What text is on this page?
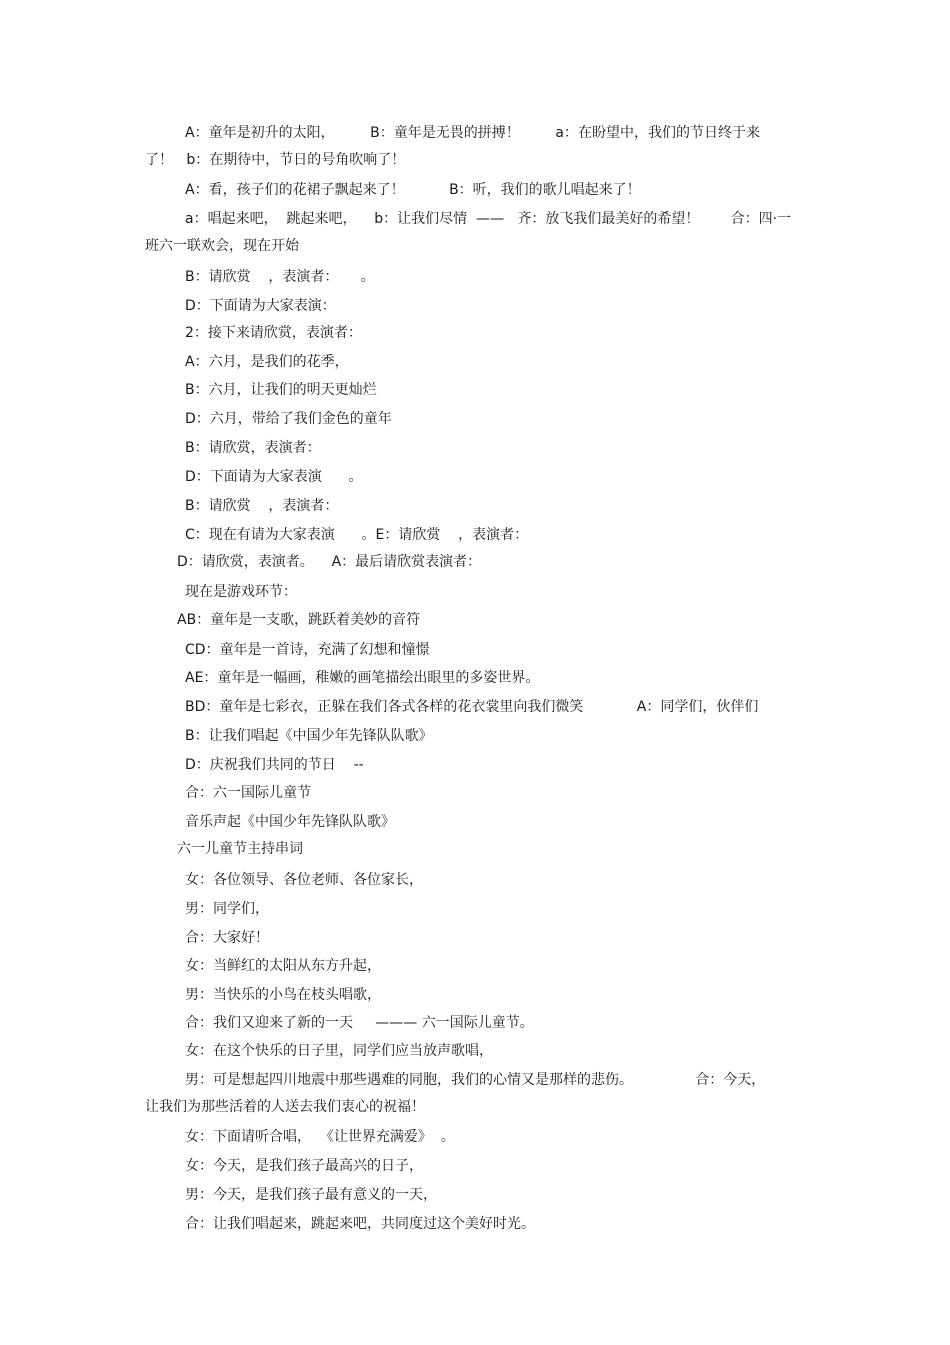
A：童年是初升的太阳，        B：童年是无畏的拼搏！        a：在盼望中，我们的节日终于来
了！   b：在期待中，节日的号角吹响了！
A：看，孩子们的花裙子飘起来了！          B：听，我们的歌儿唱起来了！
a：唱起来吧，  跳起来吧，    b：让我们尽情  ——   齐：放飞我们最美好的希望！       合：四·一
班六一联欢会，现在开始
B：请欣赏    ，表演者：     。
D：下面请为大家表演：
2：接下来请欣赏，表演者：
A：六月，是我们的花季，
B：六月，让我们的明天更灿烂
D：六月，带给了我们金色的童年
B：请欣赏，表演者：
D：下面请为大家表演      。
B：请欣赏    ，表演者：
C：现在有请为大家表演      。E：请欣赏    ，表演者：
D：请欣赏，表演者。    A：最后请欣赏表演者：
现在是游戏环节：
AB：童年是一支歌，跳跃着美妙的音符
CD：童年是一首诗，充满了幻想和憧憬
AE：童年是一幅画，稚嫩的画笔描绘出眼里的多姿世界。
BD：童年是七彩衣，正躲在我们各式各样的花衣裳里向我们微笑            A：同学们，伙伴们
B：让我们唱起《中国少年先锋队队歌》
D：庆祝我们共同的节日    --
合：六一国际儿童节
音乐声起《中国少年先锋队队歌》
六一儿童节主持串词
女：各位领导、各位老师、各位家长，
男：同学们，
合：大家好！
女：当鲜红的太阳从东方升起，
男：当快乐的小鸟在枝头唱歌，
合：我们又迎来了新的一天     ——— 六一国际儿童节。
女：在这个快乐的日子里，同学们应当放声歌唱，
男：可是想起四川地震中那些遇难的同胞，我们的心情又是那样的悲伤。              合：今天，
让我们为那些活着的人送去我们衷心的祝福！
女：下面请听合唱，  《让世界充满爱》  。
女：今天，是我们孩子最高兴的日子，
男：今天，是我们孩子最有意义的一天，
合：让我们唱起来，跳起来吧，共同度过这个美好时光。
